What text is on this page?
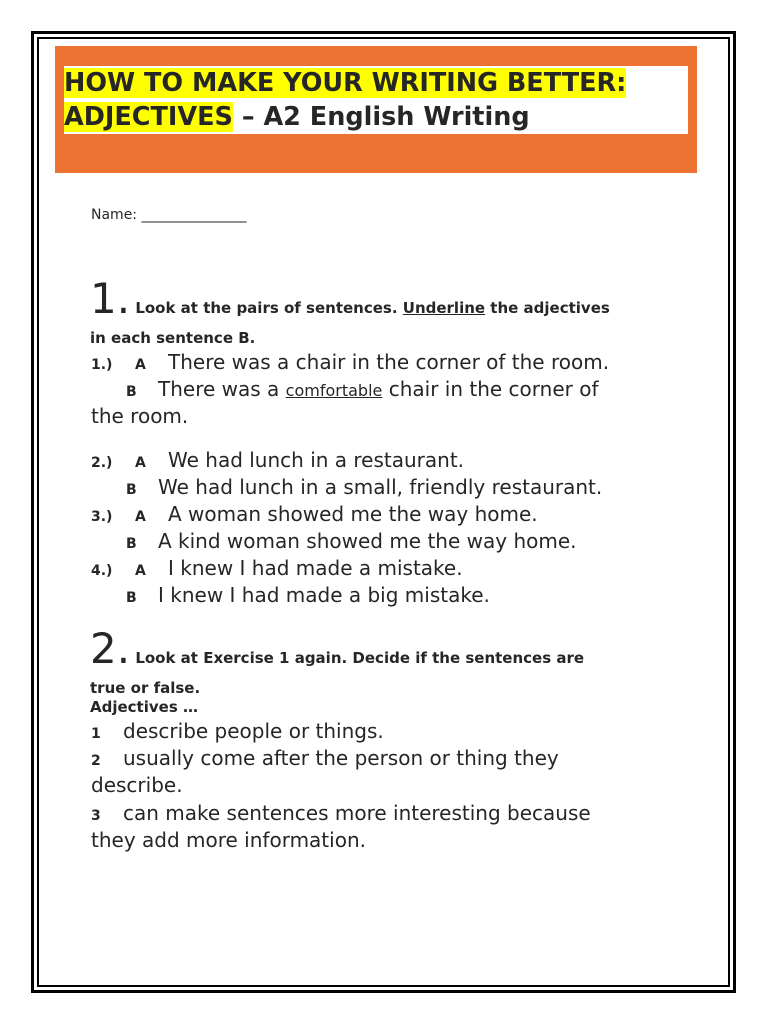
HOW TO MAKE YOUR WRITING BETTER:
ADJECTIVES – A2 English Writing
Name: _______________
1. Look at the pairs of sentences. Underline the adjectives
in each sentence B.
1.) A There was a chair in the corner of the room.
B There was a comfortable chair in the corner of
the room.
2.) A We had lunch in a restaurant.
B We had lunch in a small, friendly restaurant.
3.) A A woman showed me the way home.
B A kind woman showed me the way home.
4.) A I knew I had made a mistake.
B I knew I had made a big mistake.
2. Look at Exercise 1 again. Decide if the sentences are
true or false.
Adjectives …
1 describe people or things.
2 usually come after the person or thing they
describe.
3 can make sentences more interesting because
they add more information.
